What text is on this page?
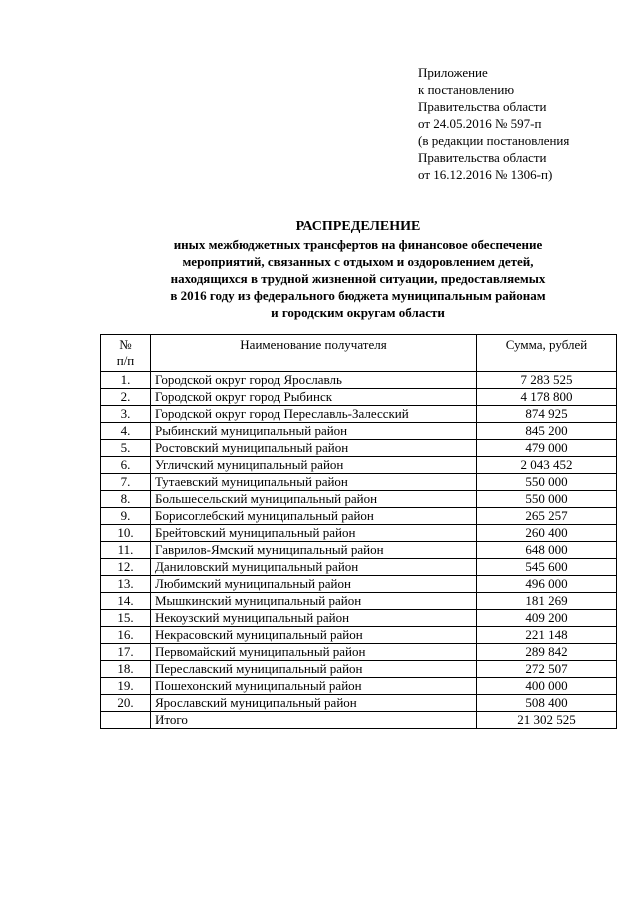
Приложение
к постановлению
Правительства области
от 24.05.2016 № 597-п
(в редакции постановления
Правительства области
от 16.12.2016 № 1306-п)
РАСПРЕДЕЛЕНИЕ
иных межбюджетных трансфертов на финансовое обеспечение
мероприятий, связанных с отдыхом и оздоровлением детей,
находящихся в трудной жизненной ситуации, предоставляемых
в 2016 году из федерального бюджета муниципальным районам
и городским округам области
№
п/п	Наименование получателя	Сумма, рублей
1.	Городской округ город Ярославль	7 283 525
2.	Городской округ город Рыбинск	4 178 800
3.	Городской округ город Переславль-Залесский	874 925
4.	Рыбинский муниципальный район	845 200
5.	Ростовский муниципальный район	479 000
6.	Угличский муниципальный район	2 043 452
7.	Тутаевский муниципальный район	550 000
8.	Большесельский муниципальный район	550 000
9.	Борисоглебский муниципальный район	265 257
10.	Брейтовский муниципальный район	260 400
11.	Гаврилов-Ямский муниципальный район	648 000
12.	Даниловский муниципальный район	545 600
13.	Любимский муниципальный район	496 000
14.	Мышкинский муниципальный район	181 269
15.	Некоузский муниципальный район	409 200
16.	Некрасовский муниципальный район	221 148
17.	Первомайский муниципальный район	289 842
18.	Переславский муниципальный район	272 507
19.	Пошехонский муниципальный район	400 000
20.	Ярославский муниципальный район	508 400
	Итого	21 302 525
